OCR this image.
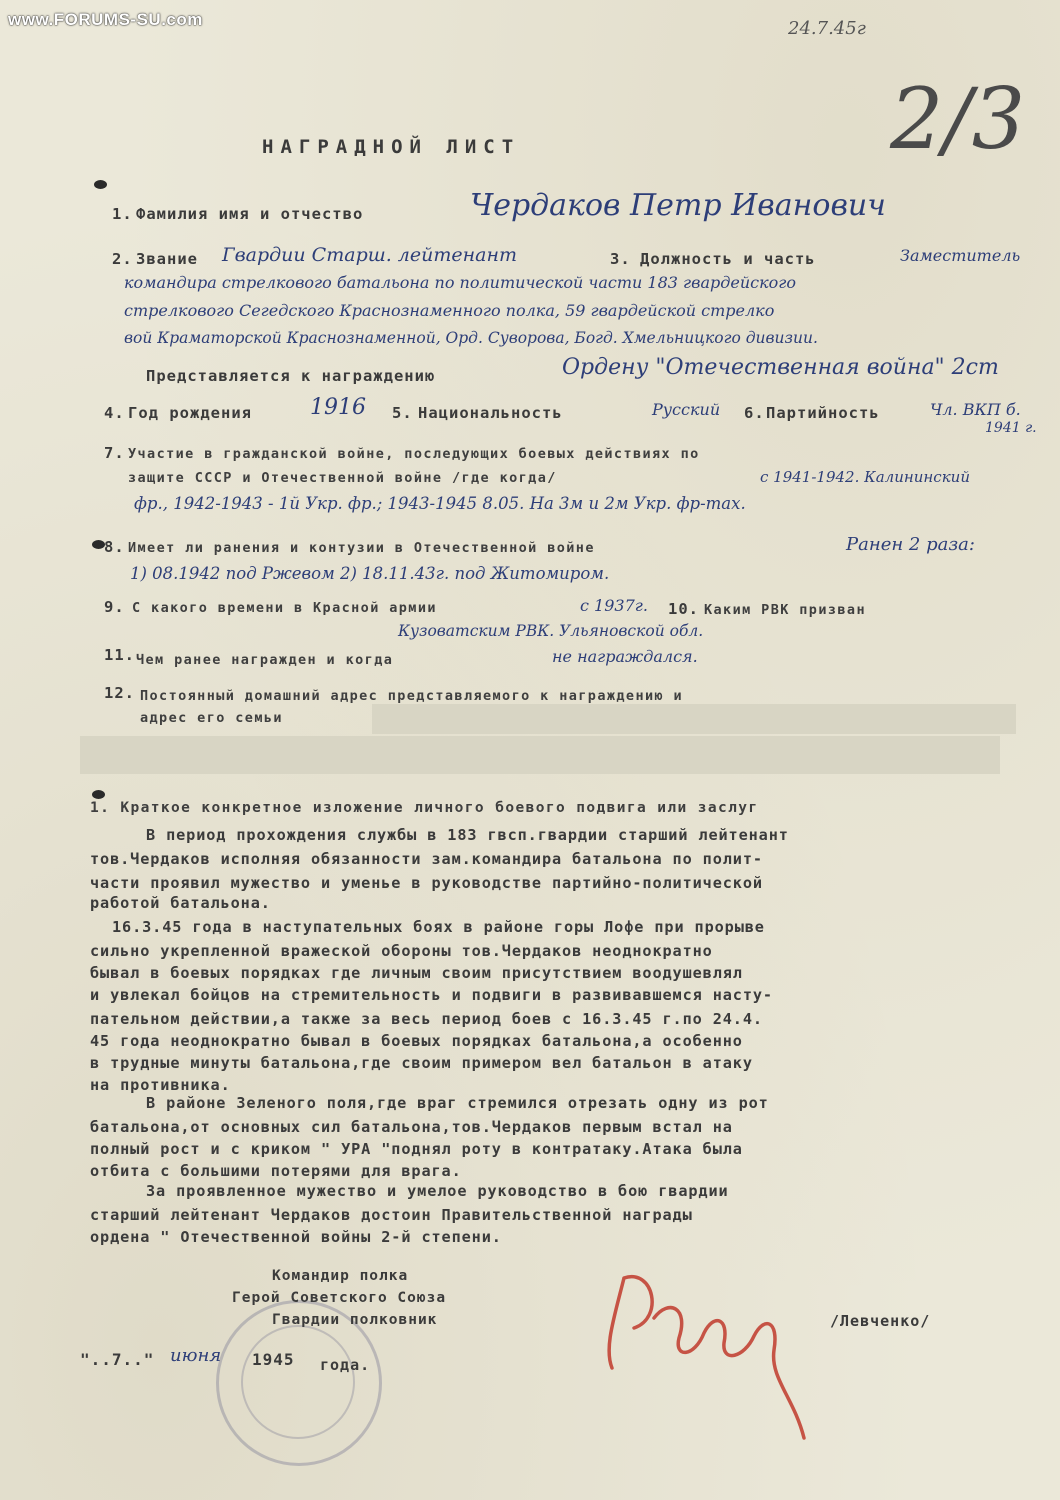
www.FORUMS-SU.com	24.7.45г
2/3
НАГРАДНОЙ ЛИСТ
1. Фамилия имя и отчество	Чердаков Петр Иванович
2. Звание Гвардии Старш. лейтенант	3. Должность и часть	Заместитель
командира стрелкового батальона по политической части 183 гвардейского
стрелкового Сегедского Краснознаменного полка, 59 гвардейской стрелко
вой Краматорской Краснознаменной, Орд. Суворова, Богд. Хмельницкого дивизии.
Представляется к награждению	Ордену "Отечественная война" 2ст
4. Год рождения	1916 5. Национальность	Русский 6. Партийность	Чл. ВКП б.
1941 г.
7. Участие в гражданской войне, последующих боевых действиях по
защите СССР и Отечественной войне /где когда/	с 1941-1942. Калининский
фр., 1942-1943 - 1й Укр. фр.; 1943-1945 8.05. На 3м и 2м Укр. фр-тах.
8. Имеет ли ранения и контузии в Отечественной войне	Ранен 2 раза:
1) 08.1942 под Ржевом 2) 18.11.43г. под Житомиром.
9. С какого времени в Красной армии	с 1937г. 10. Каким РВК призван
Кузоватским РВК. Ульяновской обл.
11. Чем ранее награжден и когда	не награждался.
12. Постоянный домашний адрес представляемого к награждению и
адрес его семьи
1. Краткое конкретное изложение личного боевого подвига или заслуг
В период прохождения службы в 183 гвсп.гвардии старший лейтенант
тов.Чердаков исполняя обязанности зам.командира батальона по полит-
части проявил мужество и уменье в руководстве партийно-политической
работой батальона.
16.3.45 года в наступательных боях в районе горы Лофе при прорыве
сильно укрепленной вражеской обороны тов.Чердаков неоднократно
бывал в боевых порядках где личным своим присутствием воодушевлял
и увлекал бойцов на стремительность и подвиги в развивавшемся насту-
пательном действии,а также за весь период боев с 16.3.45 г.по 24.4.
45 года неоднократно бывал в боевых порядках батальона,а особенно
в трудные минуты батальона,где своим примером вел батальон в атаку
на противника.
В районе Зеленого поля,где враг стремился отрезать одну из рот
батальона,от основных сил батальона,тов.Чердаков первым встал на
полный рост и с криком " УРА "поднял роту в контратаку.Атака была
отбита с большими потерями для врага.
За проявленное мужество и умелое руководство в бою гвардии
старший лейтенант Чердаков достоин Правительственной награды
ордена " Отечественной войны 2-й степени.
Командир полка
Герой Советского Союза
Гвардии полковник	/Левченко/
"..7.." июня 1945 года.
